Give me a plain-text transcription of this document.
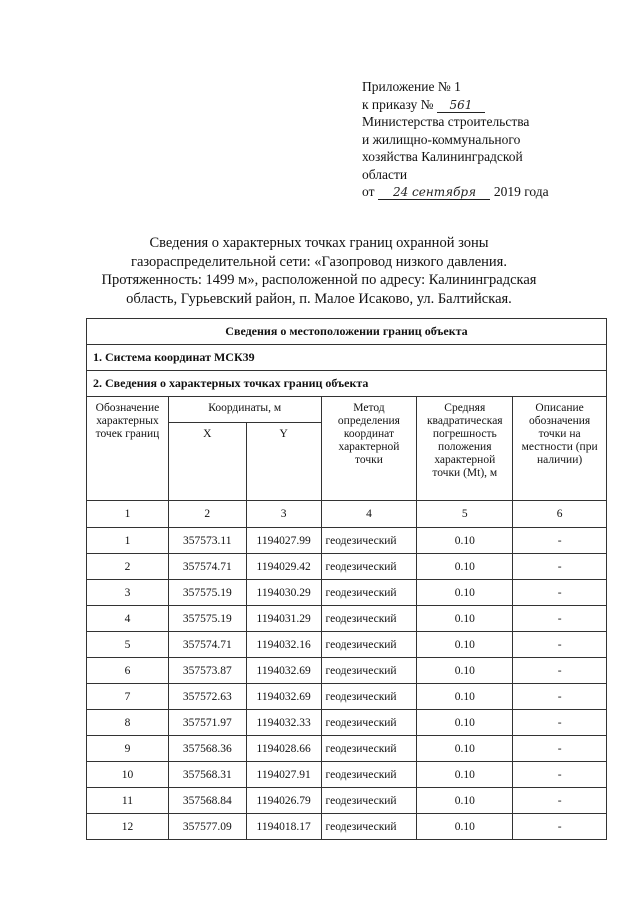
Приложение № 1
к приказу № 561
Министерства строительства
и жилищно-коммунального
хозяйства Калининградской
области
от 24 сентября 2019 года
Сведения о характерных точках границ охранной зоны
газораспределительной сети: «Газопровод низкого давления.
Протяженность: 1499 м», расположенной по адресу: Калининградская
область, Гурьевский район, п. Малое Исаково, ул. Балтийская.
Сведения о местоположении границ объекта					
1. Система координат МСК39					
2. Сведения о характерных точках границ объекта					
Обозначение характерных точек границ	Координаты, м		Метод определения координат характерной точки	Средняя квадратическая погрешность положения характерной точки (Mt), м	Описание обозначения точки на местности (при наличии)
	X	Y			
1	2	3	4	5	6
1	357573.11	1194027.99	геодезический	0.10	-
2	357574.71	1194029.42	геодезический	0.10	-
3	357575.19	1194030.29	геодезический	0.10	-
4	357575.19	1194031.29	геодезический	0.10	-
5	357574.71	1194032.16	геодезический	0.10	-
6	357573.87	1194032.69	геодезический	0.10	-
7	357572.63	1194032.69	геодезический	0.10	-
8	357571.97	1194032.33	геодезический	0.10	-
9	357568.36	1194028.66	геодезический	0.10	-
10	357568.31	1194027.91	геодезический	0.10	-
11	357568.84	1194026.79	геодезический	0.10	-
12	357577.09	1194018.17	геодезический	0.10	-
